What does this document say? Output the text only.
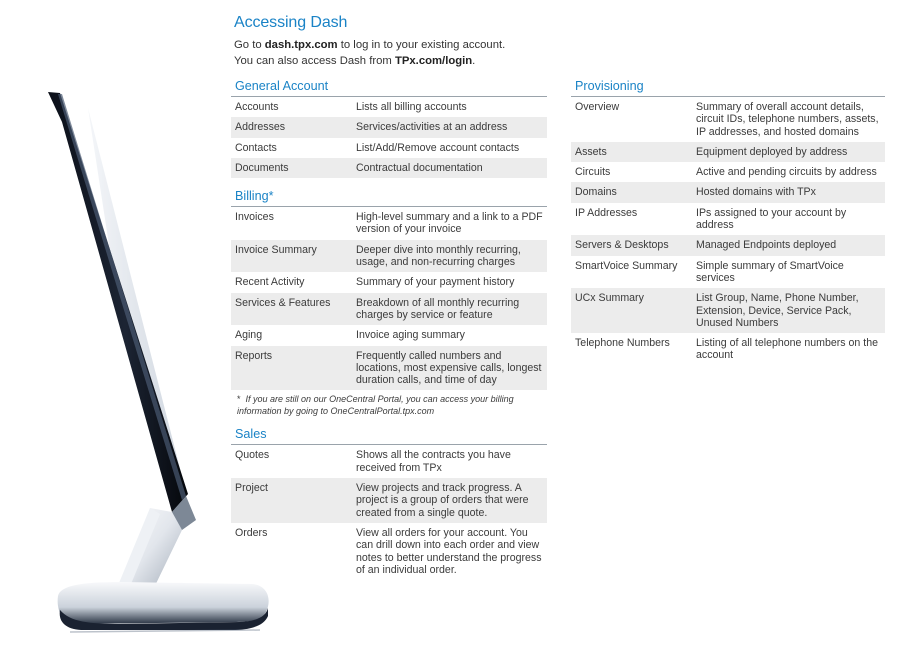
Accessing Dash

Go to dash.tpx.com to log in to your existing account.

You can also access Dash from TPx.com/login.

General Account
Accounts	Lists all billing accounts
Addresses	Services/activities at an address
Contacts	List/Add/Remove account contacts
Documents	Contractual documentation
Billing*
Invoices	High-level summary and a link to a PDF version of your invoice
Invoice Summary	Deeper dive into monthly recurring, usage, and non-recurring charges
Recent Activity	Summary of your payment history
Services & Features	Breakdown of all monthly recurring charges by service or feature
Aging	Invoice aging summary
Reports	Frequently called numbers and locations, most expensive calls, longest duration calls, and time of day
* If you are still on our OneCentral Portal, you can access your billing information by going to OneCentralPortal.tpx.com
Sales
Quotes	Shows all the contracts you have received from TPx
Project	View projects and track progress. A project is a group of orders that were created from a single quote.
Orders	View all orders for your account. You can drill down into each order and view notes to better understand the progress of an individual order.
Provisioning
Overview	Summary of overall account details, circuit IDs, telephone numbers, assets, IP addresses, and hosted domains
Assets	Equipment deployed by address
Circuits	Active and pending circuits by address
Domains	Hosted domains with TPx
IP Addresses	IPs assigned to your account by address
Servers & Desktops	Managed Endpoints deployed
SmartVoice Summary	Simple summary of SmartVoice services
UCx Summary	List Group, Name, Phone Number, Extension, Device, Service Pack, Unused Numbers
Telephone Numbers	Listing of all telephone numbers on the account
